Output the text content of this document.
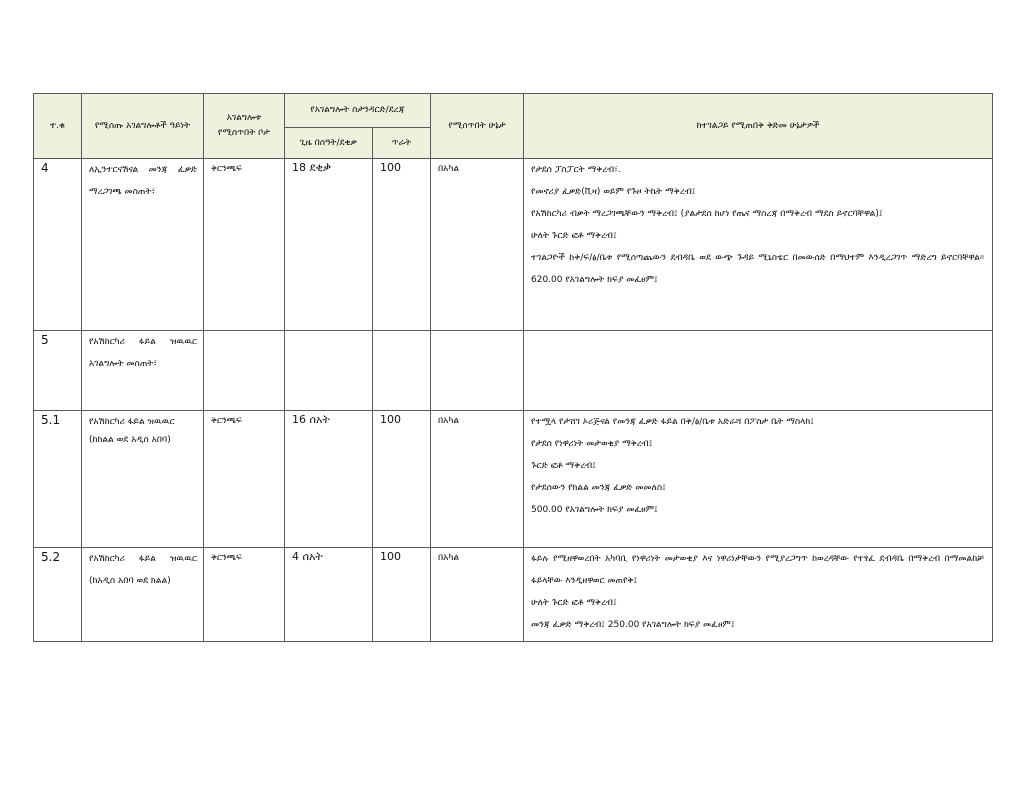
ተ.ቁ	የሚሰጡ አገልግሎቶች ዓይነት	አገልግሎቱ የሚሰጥበት ቦታ	የአገልግሎት ስታንዳርድ/ደረጃ		የሚሰጥበት ሁኔታ	ከተገልጋይ የሚጠበቅ ቅድመ ሁኔታዎች
			ጊዜ በሰዓት/ደቂቃ	ጥራት		

4	ለኢንተርናሽናል መንጃ ፈቃድ ማረጋገጫ መስጠት፣	ቅርንጫፍ	18 ደቂቃ	100	በአካል	የታደሰ ፓስፓርት ማቅረብ፣.
የመኖሪያ ፈቃድ(ቪዛ) ወይም የጉዞ ትኬት ማቅረብ፤
የአሽከርካሪ ብቃት ማረጋገጫቸውን ማቅረብ፤ (ያልታደሰ ከሆነ የጤና ማስረጃ በማቅረብ ማደስ ይኖርባቸዋል)፤
ሁለት ጉርድ ፎቶ ማቅረብ፤
ተገልጋዮች ከቅ/ፍ/ፅ/ቤቱ የሚሰጣጨውን ደብዳቤ ወደ ውጭ ጉዳይ ሚኒስቴር በመውሰድ በማህተም እንዲረጋገጥ ማድረግ ይኖርባቸዋል። 620.00 የአገልግሎት ክፍያ መፈፀም፤

5	የአሽከርካሪ ፋይል ዝዉዉር አገልግሎት መስጠት፣					

5.1	የአሽከርካሪ ፋይል ዝዉዉር (ከክልል ወደ አዲስ አበባ)	ቅርንጫፍ	16 ሰአት	100	በአካል	የተሟላ የታሸገ ኦሪጅናል የመንጃ ፈቃድ ፋይል በቅ/ፅ/ቤቱ አድራሻ በፖስታ ቤት ማስላክ፤
የታደሰ የነዋሪነት መታወቂያ ማቅረብ፤
ጉርድ ፎቶ ማቅረብ፤
የታደሰውን የክልል መንጃ ፈቃድ መመለስ፤
500.00 የአገልግሎት ክፍያ መፈፀም፤

5.2	የአሽከርካሪ ፋይል ዝዉዉር (ከአዲስ አበባ ወደ ክልል)	ቅርንጫፍ	4 ሰአት	100	በአካል	ፋይሉ የሚዘዋወረበት አካባቢ የነዋሪነት መታወቂያ እና ነዋሪነታቸውን የሚያረጋግጥ ከወረዳቸው የተፃፈ ደብዳቤ በማቅረብ በማመልከቻ ፋይላቸው እንዲዘዋወር መጠየቅ፤
ሁለት ጉርድ ፎቶ ማቅረብ፤
መንጃ ፈቃድ ማቅረብ፤ 250.00 የአገልግሎት ክፍያ መፈፀም፤
